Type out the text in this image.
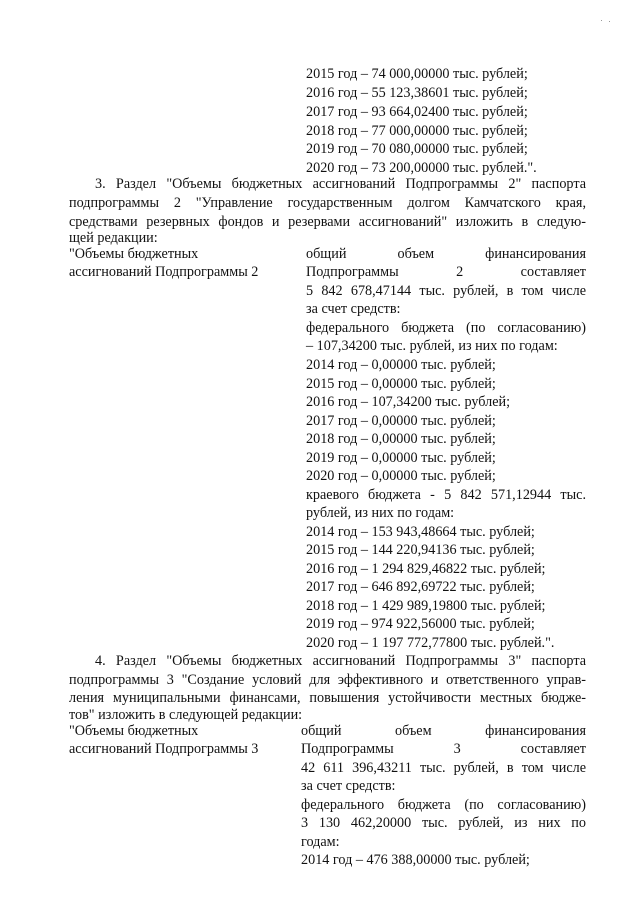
2015 год – 74 000,00000 тыс. рублей;
2016 год – 55 123,38601 тыс. рублей;
2017 год – 93 664,02400 тыс. рублей;
2018 год – 77 000,00000 тыс. рублей;
2019 год – 70 080,00000 тыс. рублей;
2020 год – 73 200,00000 тыс. рублей.".
3. Раздел "Объемы бюджетных ассигнований Подпрограммы 2" паспорта
подпрограммы 2 "Управление государственным долгом Камчатского края,
средствами резервных фондов и резервами ассигнований" изложить в следую-
щей редакции:
"Объемы бюджетных
ассигнований Подпрограммы 2
общий объем финансирования
Подпрограммы 2 составляет
5 842 678,47144 тыс. рублей, в том числе
за счет средств:
федерального бюджета (по согласованию)
– 107,34200 тыс. рублей, из них по годам:
2014 год – 0,00000 тыс. рублей;
2015 год – 0,00000 тыс. рублей;
2016 год – 107,34200 тыс. рублей;
2017 год – 0,00000 тыс. рублей;
2018 год – 0,00000 тыс. рублей;
2019 год – 0,00000 тыс. рублей;
2020 год – 0,00000 тыс. рублей;
краевого бюджета - 5 842 571,12944 тыс.
рублей, из них по годам:
2014 год – 153 943,48664 тыс. рублей;
2015 год – 144 220,94136 тыс. рублей;
2016 год – 1 294 829,46822 тыс. рублей;
2017 год – 646 892,69722 тыс. рублей;
2018 год – 1 429 989,19800 тыс. рублей;
2019 год – 974 922,56000 тыс. рублей;
2020 год – 1 197 772,77800 тыс. рублей.".
4. Раздел "Объемы бюджетных ассигнований Подпрограммы 3" паспорта
подпрограммы 3 "Создание условий для эффективного и ответственного управ-
ления муниципальными финансами, повышения устойчивости местных бюдже-
тов" изложить в следующей редакции:
"Объемы бюджетных
ассигнований Подпрограммы 3
общий объем финансирования
Подпрограммы 3 составляет
42 611 396,43211 тыс. рублей, в том числе
за счет средств:
федерального бюджета (по согласованию)
3 130 462,20000 тыс. рублей, из них по
годам:
2014 год – 476 388,00000 тыс. рублей;
